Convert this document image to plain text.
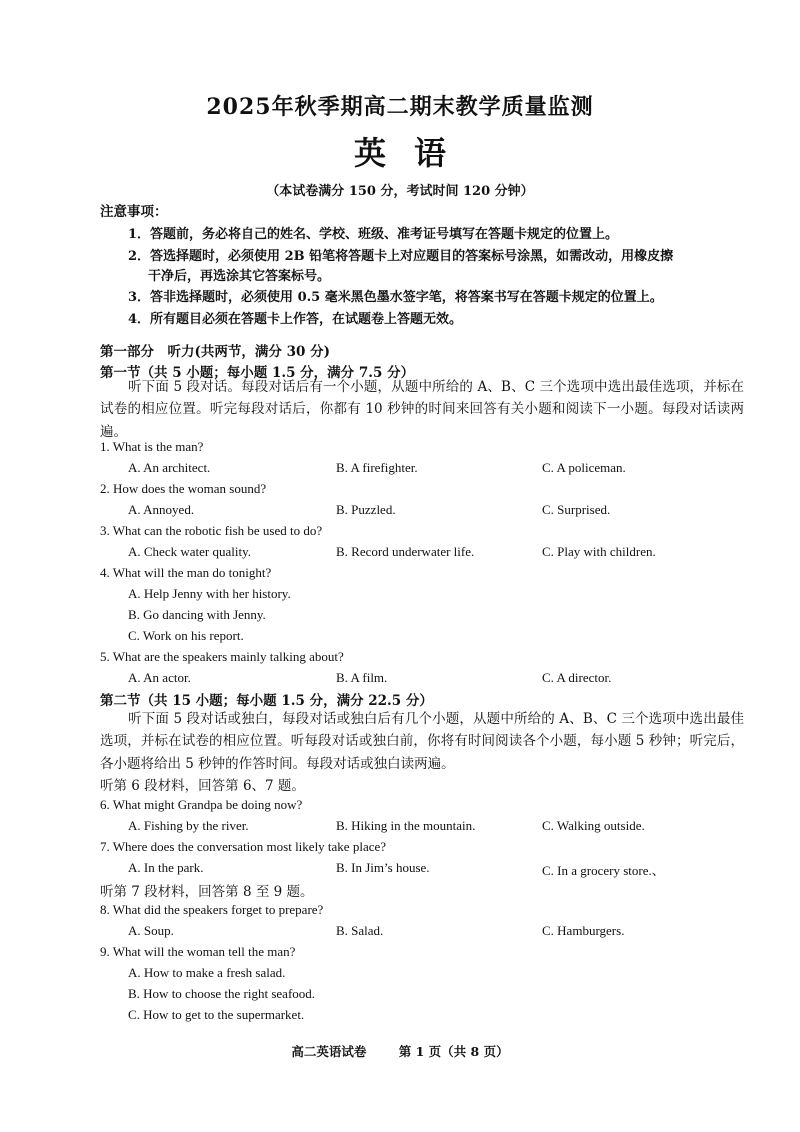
2025年秋季期高二期末教学质量监测
英语
（本试卷满分 150 分，考试时间 120 分钟）
注意事项：
1．答题前，务必将自己的姓名、学校、班级、准考证号填写在答题卡规定的位置上。
2．答选择题时，必须使用 2B 铅笔将答题卡上对应题目的答案标号涂黑，如需改动，用橡皮擦
干净后，再选涂其它答案标号。
3．答非选择题时，必须使用 0.5 毫米黑色墨水签字笔，将答案书写在答题卡规定的位置上。
4．所有题目必须在答题卡上作答，在试题卷上答题无效。
第一部分　听力(共两节，满分 30 分)
第一节（共 5 小题；每小题 1.5 分，满分 7.5 分）
听下面 5 段对话。每段对话后有一个小题，从题中所给的 A、B、C 三个选项中选出最佳选项，并标在试卷的相应位置。听完每段对话后，你都有 10 秒钟的时间来回答有关小题和阅读下一小题。每段对话读两遍。
1. What is the man?
A. An architect.	B. A firefighter.	C. A policeman.
2. How does the woman sound?
A. Annoyed.	B. Puzzled.	C. Surprised.
3. What can the robotic fish be used to do?
A. Check water quality.	B. Record underwater life.	C. Play with children.
4. What will the man do tonight?
A. Help Jenny with her history.
B. Go dancing with Jenny.
C. Work on his report.
5. What are the speakers mainly talking about?
A. An actor.	B. A film.	C. A director.
第二节（共 15 小题；每小题 1.5 分，满分 22.5 分）
听下面 5 段对话或独白，每段对话或独白后有几个小题，从题中所给的 A、B、C 三个选项中选出最佳选项，并标在试卷的相应位置。听每段对话或独白前，你将有时间阅读各个小题，每小题 5 秒钟；听完后，各小题将给出 5 秒钟的作答时间。每段对话或独白读两遍。
听第 6 段材料，回答第 6、7 题。
6. What might Grandpa be doing now?
A. Fishing by the river.	B. Hiking in the mountain.	C. Walking outside.
7. Where does the conversation most likely take place?
A. In the park.	B. In Jim’s house.	C. In a grocery store.、
听第 7 段材料，回答第 8 至 9 题。
8. What did the speakers forget to prepare?
A. Soup.	B. Salad.	C. Hamburgers.
9. What will the woman tell the man?
A. How to make a fresh salad.
B. How to choose the right seafood.
C. How to get to the supermarket.
高二英语试卷	第 1 页（共 8 页）
